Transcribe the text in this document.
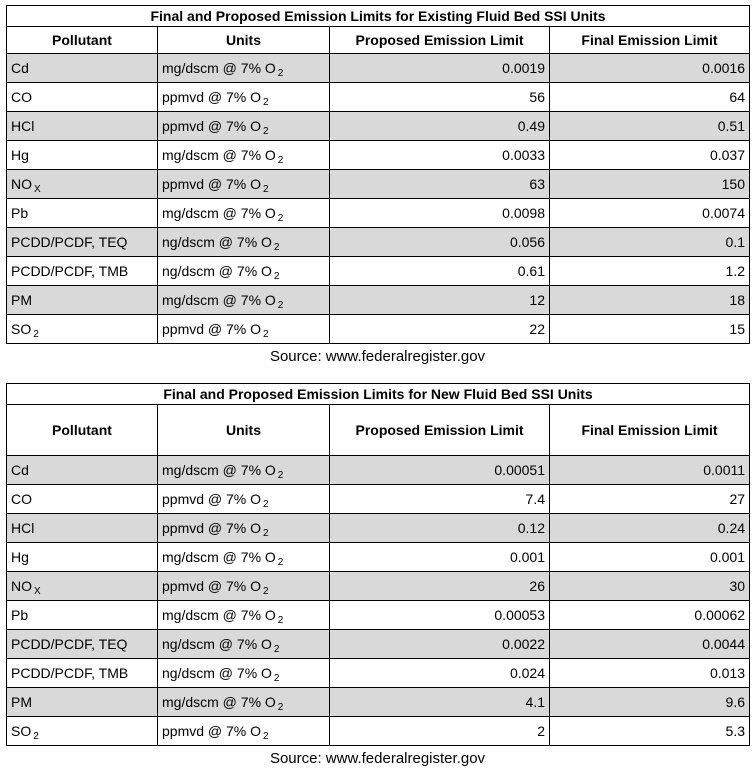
Final and Proposed Emission Limits for Existing Fluid Bed SSI Units			
Pollutant	Units	Proposed Emission Limit	Final Emission Limit
Cd	mg/dscm @ 7% O $_2$	0.0019	0.0016
CO	ppmvd @ 7% O $_2$	56	64
HCl	ppmvd @ 7% O $_2$	0.49	0.51
Hg	mg/dscm @ 7% O $_2$	0.0033	0.037
NO $_X$	ppmvd @ 7% O $_2$	63	150
Pb	mg/dscm @ 7% O $_2$	0.0098	0.0074
PCDD/PCDF, TEQ	ng/dscm @ 7% O $_2$	0.056	0.1
PCDD/PCDF, TMB	ng/dscm @ 7% O $_2$	0.61	1.2
PM	mg/dscm @ 7% O $_2$	12	18
SO $_2$	ppmvd @ 7% O $_2$	22	15
Source: www.federalregister.gov
Final and Proposed Emission Limits for New Fluid Bed SSI Units			
Pollutant	Units	Proposed Emission Limit	Final Emission Limit
Cd	mg/dscm @ 7% O $_2$	0.00051	0.0011
CO	ppmvd @ 7% O $_2$	7.4	27
HCl	ppmvd @ 7% O $_2$	0.12	0.24
Hg	mg/dscm @ 7% O $_2$	0.001	0.001
NO $_X$	ppmvd @ 7% O $_2$	26	30
Pb	mg/dscm @ 7% O $_2$	0.00053	0.00062
PCDD/PCDF, TEQ	ng/dscm @ 7% O $_2$	0.0022	0.0044
PCDD/PCDF, TMB	ng/dscm @ 7% O $_2$	0.024	0.013
PM	mg/dscm @ 7% O $_2$	4.1	9.6
SO $_2$	ppmvd @ 7% O $_2$	2	5.3
Source: www.federalregister.gov
